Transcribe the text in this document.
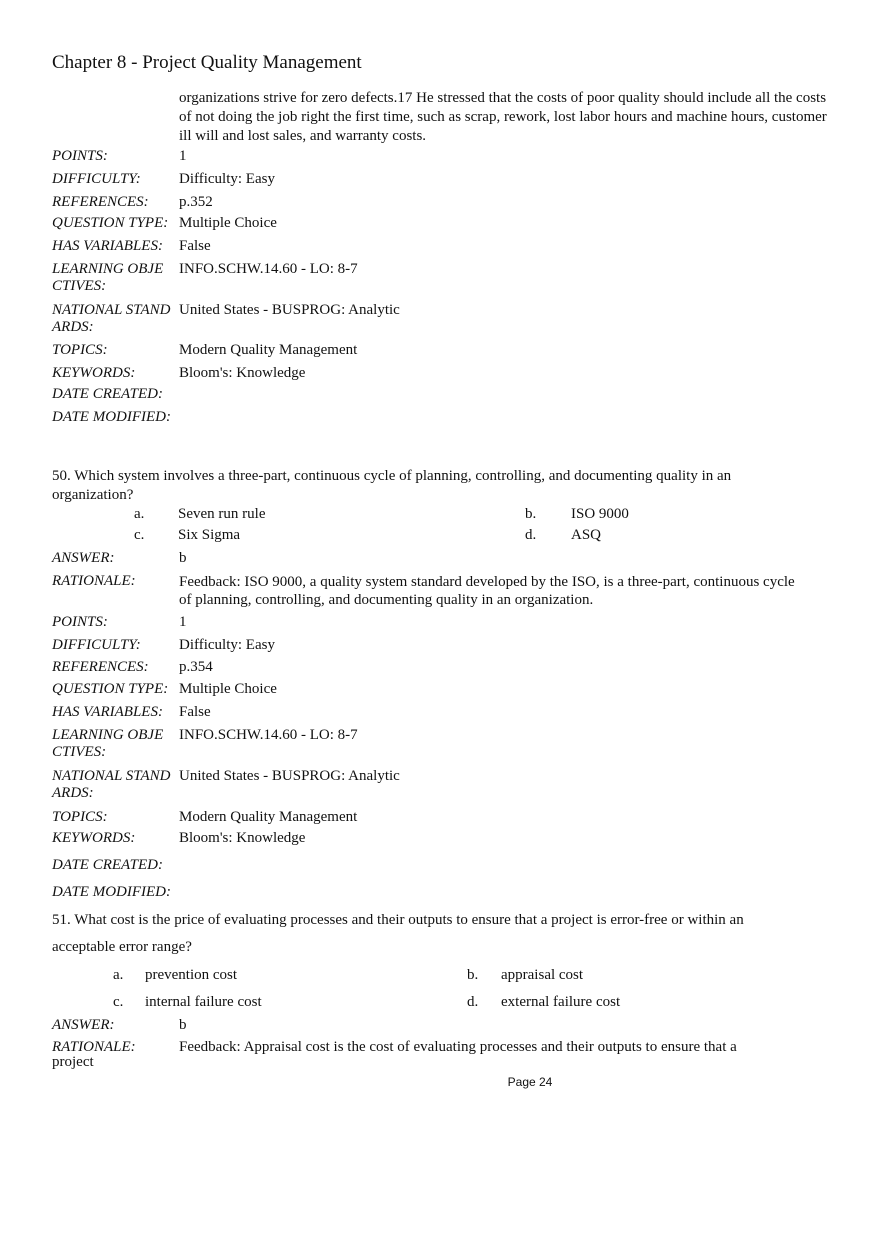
Chapter 8 - Project Quality Management
organizations strive for zero defects.17 He stressed that the costs of poor quality should include all the costs of not doing the job right the first time, such as scrap, rework, lost labor hours and machine hours, customer ill will and lost sales, and warranty costs.
POINTS:	1
DIFFICULTY:	Difficulty: Easy
REFERENCES: p.352
QUESTION TYPE: Multiple Choice
HAS VARIABLES: False
LEARNING OBJE CTIVES:
INFO.SCHW.14.60 - LO: 8-7
NATIONAL STAND ARDS:
United States - BUSPROG: Analytic
TOPICS:	Modern Quality Management
KEYWORDS:	Bloom's: Knowledge
DATE CREATED:
DATE MODIFIED:
50. Which system involves a three-part, continuous cycle of planning, controlling, and documenting quality in an organization?
a. Seven run rule	b. ISO 9000
c. Six Sigma	d. ASQ
ANSWER:	b
RATIONALE:	Feedback: ISO 9000, a quality system standard developed by the ISO, is a three-part, continuous cycle of planning, controlling, and documenting quality in an organization.
POINTS:	1
DIFFICULTY:	Difficulty: Easy
REFERENCES: p.354
QUESTION TYPE: Multiple Choice
HAS VARIABLES: False
LEARNING OBJE CTIVES:
INFO.SCHW.14.60 - LO: 8-7
NATIONAL STAND ARDS:
United States - BUSPROG: Analytic
TOPICS:	Modern Quality Management
KEYWORDS:	Bloom's: Knowledge
DATE CREATED:
DATE MODIFIED:
51. What cost is the price of evaluating processes and their outputs to ensure that a project is error-free or within an
acceptable error range?
a. prevention cost	b. appraisal cost
c. internal failure cost	d. external failure cost
ANSWER:	b
RATIONALE:	Feedback: Appraisal cost is the cost of evaluating processes and their outputs to ensure that a
project
Page 24
